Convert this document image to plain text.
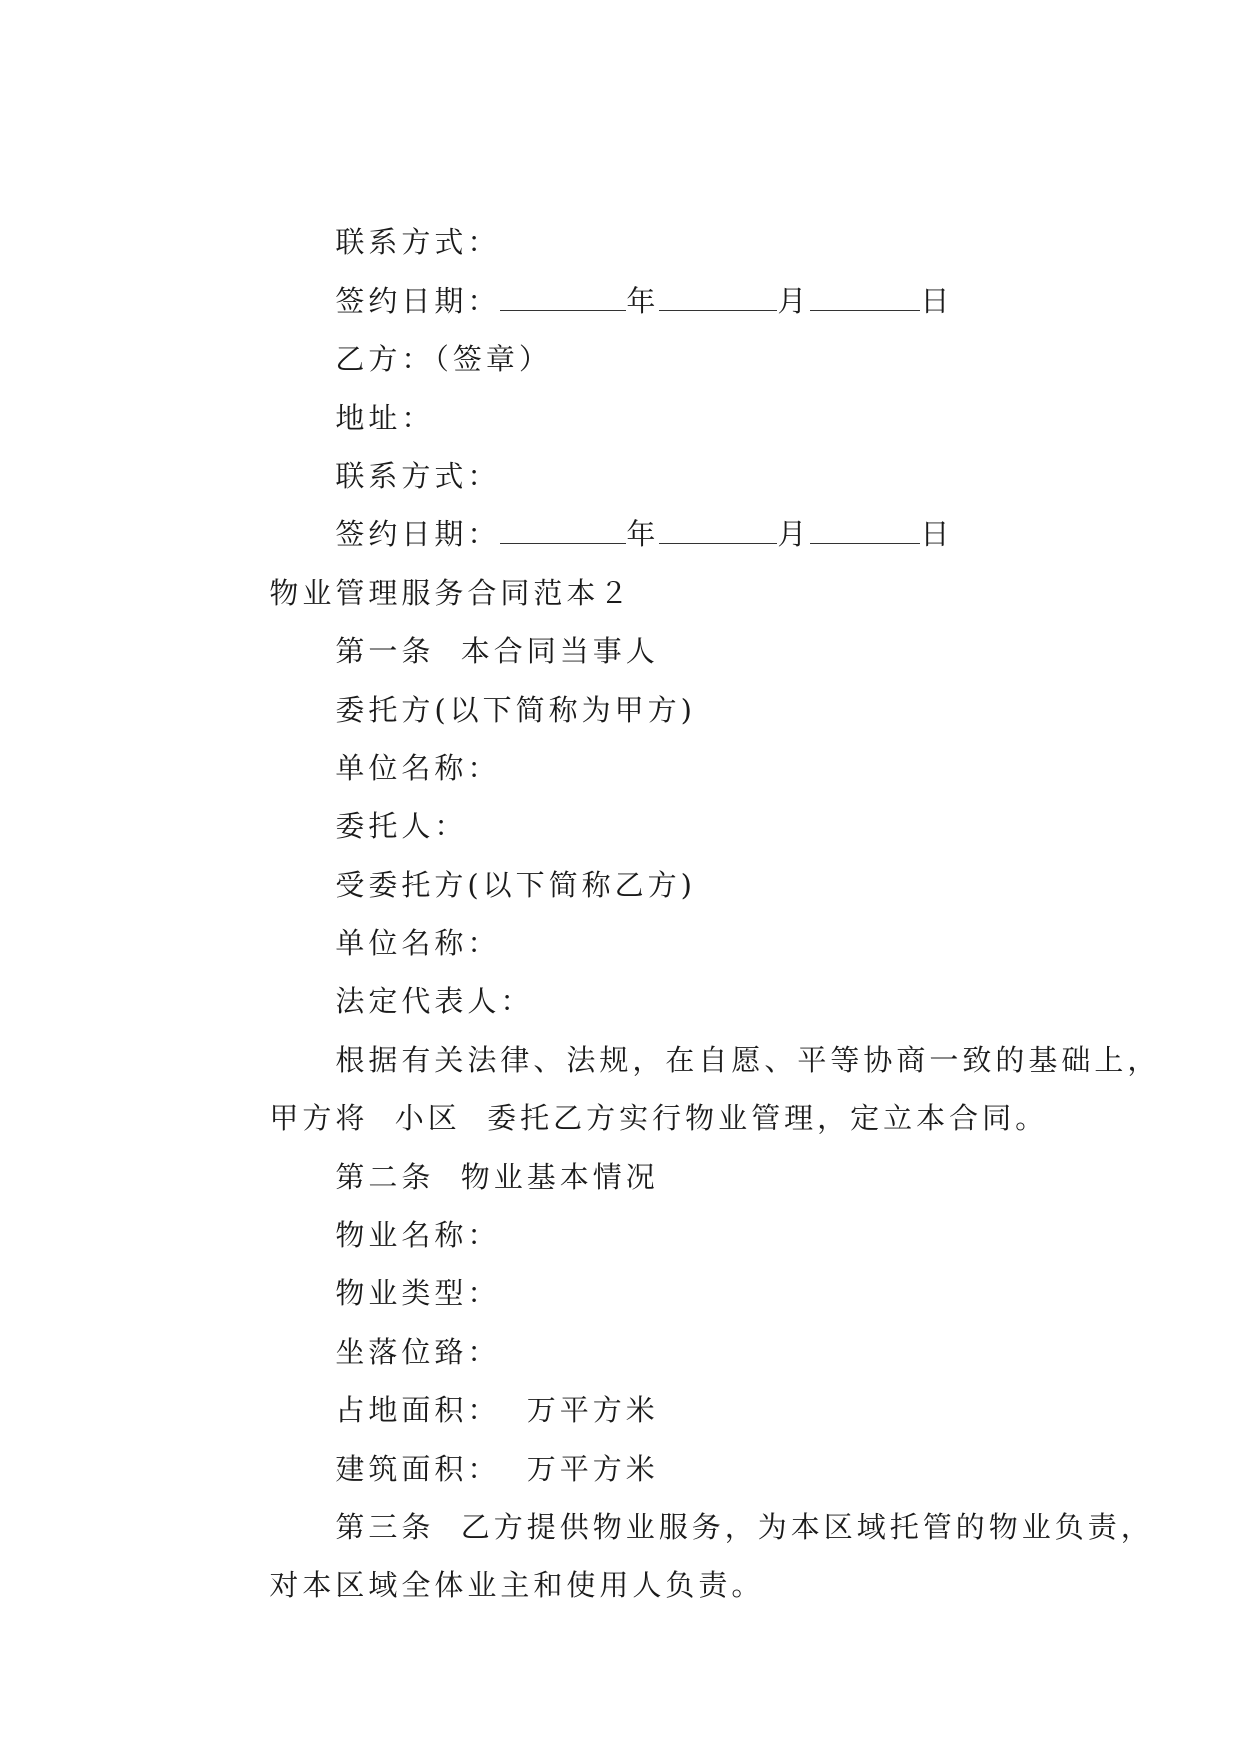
联系方式：

签约日期：	年	月	日

乙方：（签章）

地址：

联系方式：

签约日期：	年	月	日

物业管理服务合同范本２

第一条  本合同当事人

委托方(以下简称为甲方)

单位名称：

委托人：

受委托方(以下简称乙方)

单位名称：

法定代表人：

根据有关法律、法规，在自愿、平等协商一致的基础上，

甲方将  小区  委托乙方实行物业管理，定立本合同。

第二条  物业基本情况

物业名称：

物业类型：

坐落位臵：

占地面积：  万平方米

建筑面积：  万平方米

第三条  乙方提供物业服务，为本区域托管的物业负责，

对本区域全体业主和使用人负责。
